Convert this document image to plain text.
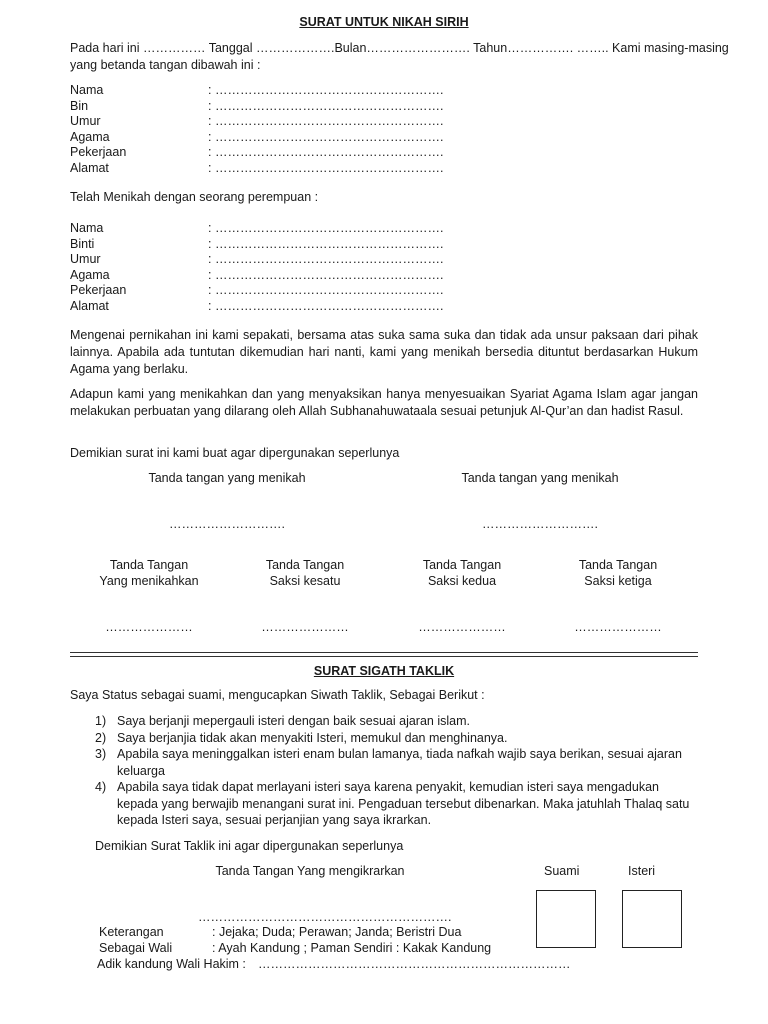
SURAT UNTUK NIKAH SIRIH
Pada hari ini …………… Tanggal ……………….Bulan……………………. Tahun……………. …….. Kami masing-masing
yang betanda tangan dibawah ini :
Nama	: ……………………………………………….
Bin	: ……………………………………………….
Umur	: ……………………………………………….
Agama	: ……………………………………………….
Pekerjaan	: ……………………………………………….
Alamat	: ……………………………………………….
Telah Menikah dengan seorang perempuan :
Nama	: ……………………………………………….
Binti	: ……………………………………………….
Umur	: ……………………………………………….
Agama	: ……………………………………………….
Pekerjaan	: ……………………………………………….
Alamat	: ……………………………………………….
Mengenai pernikahan ini kami sepakati, bersama atas suka sama suka dan tidak ada unsur paksaan dari pihak lainnya. Apabila ada tuntutan dikemudian hari nanti, kami yang menikah bersedia dituntut berdasarkan Hukum Agama yang berlaku.
Adapun kami yang menikahkan dan yang menyaksikan hanya menyesuaikan Syariat Agama Islam agar jangan melakukan perbuatan yang dilarang oleh Allah Subhanahuwataala sesuai petunjuk Al-Qur’an dan hadist Rasul.
Demikian surat ini kami buat agar dipergunakan seperlunya
Tanda tangan yang menikah	Tanda tangan yang menikah
……………………….	……………………….
Tanda Tangan
Yang menikahkan
…………………
Tanda Tangan
Saksi kesatu
…………………
Tanda Tangan
Saksi kedua
…………………
Tanda Tangan
Saksi ketiga
…………………
SURAT SIGATH TAKLIK
Saya Status sebagai suami, mengucapkan Siwath Taklik, Sebagai Berikut :
1) Saya berjanji mepergauli isteri dengan baik sesuai ajaran islam.
2) Saya berjanjia tidak akan menyakiti Isteri, memukul dan menghinanya.
3) Apabila saya meninggalkan isteri enam bulan lamanya, tiada nafkah wajib saya berikan, sesuai ajaran keluarga
4) Apabila saya tidak dapat merlayani isteri saya karena penyakit, kemudian isteri saya mengadukan kepada yang berwajib menangani surat ini. Pengaduan tersebut dibenarkan. Maka jatuhlah Thalaq satu kepada Isteri saya, sesuai perjanjian yang saya ikrarkan.
Demikian Surat Taklik ini agar dipergunakan seperlunya
Tanda Tangan Yang mengikrarkan	Suami	Isteri
…………………………………………………….
Keterangan	: Jejaka; Duda; Perawan; Janda; Beristri Dua
Sebagai Wali	: Ayah Kandung ; Paman Sendiri : Kakak Kandung
Adik kandung Wali Hakim : …………………………………………………………………
